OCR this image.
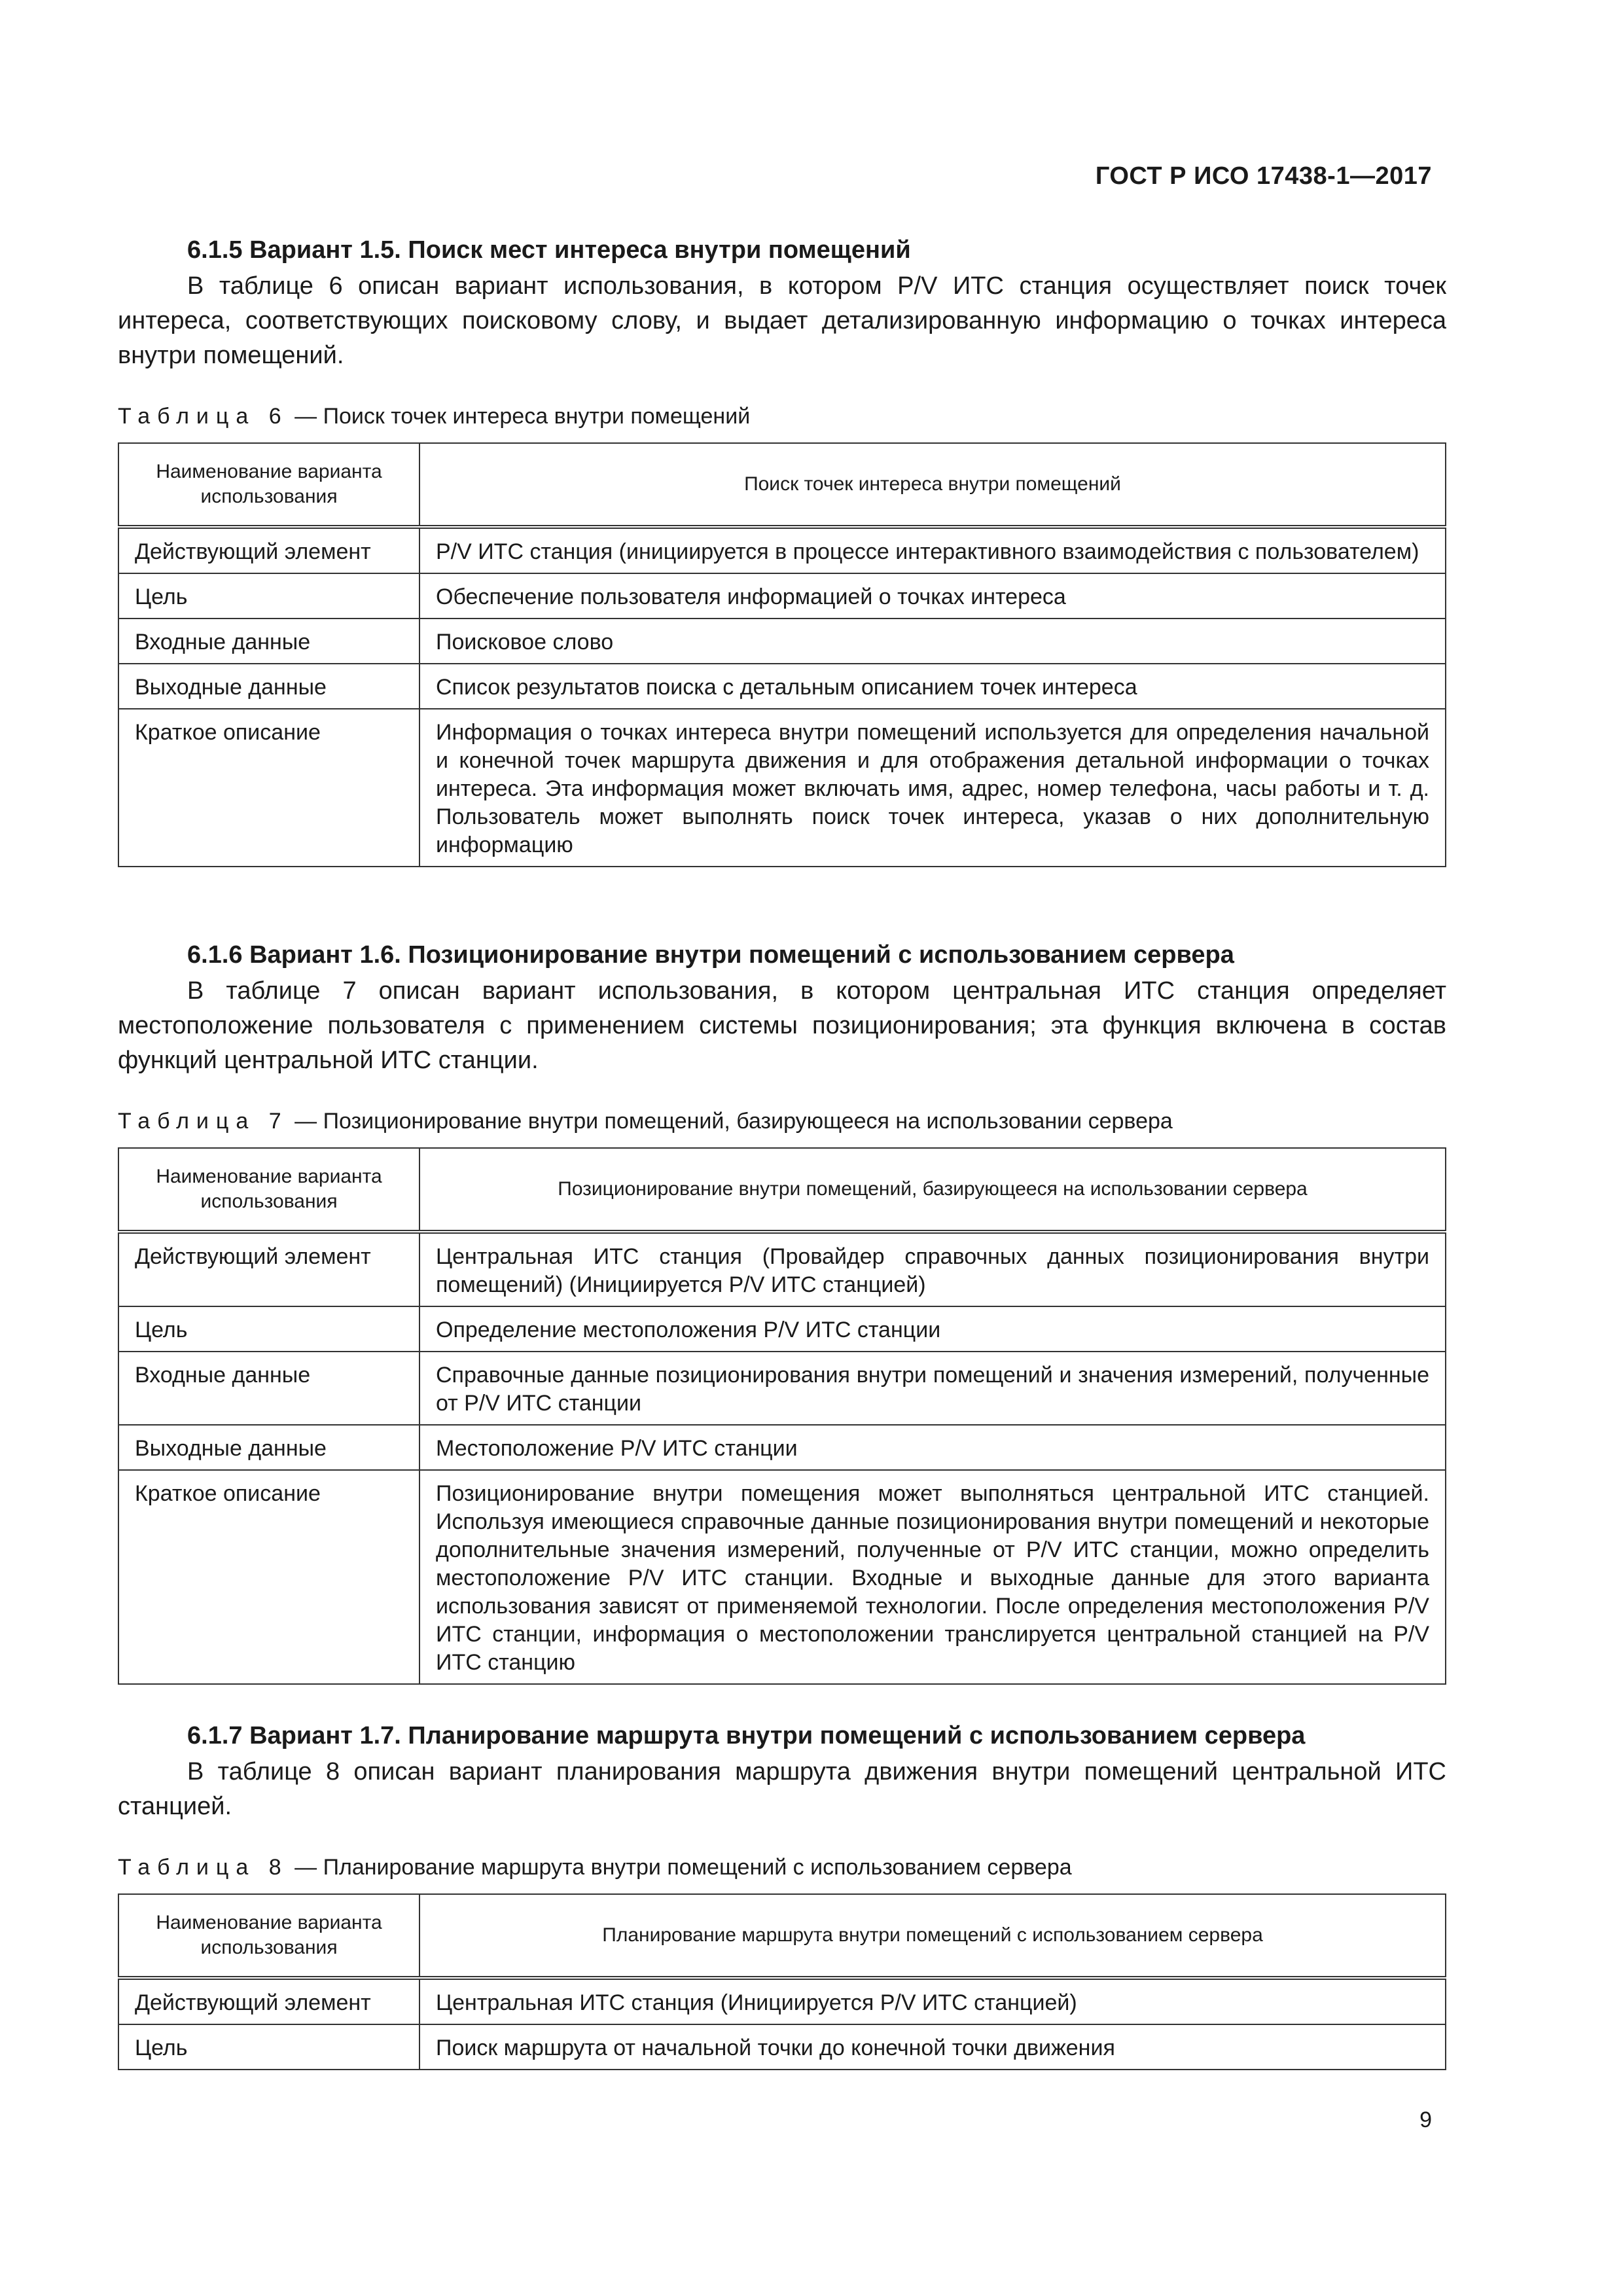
ГОСТ Р ИСО 17438-1—2017
6.1.5 Вариант 1.5. Поиск мест интереса внутри помещений

В таблице 6 описан вариант использования, в котором P/V ИТС станция осуществляет поиск точек интереса, соответствующих поисковому слову, и выдает детализированную информацию о точках интереса внутри помещений.

Таблица 6 — Поиск точек интереса внутри помещений
Наименование варианта использования	Поиск точек интереса внутри помещений
Действующий элемент	P/V ИТС станция (инициируется в процессе интерактивного взаимодействия с пользователем)
Цель	Обеспечение пользователя информацией о точках интереса
Входные данные	Поисковое слово
Выходные данные	Список результатов поиска с детальным описанием точек интереса
Краткое описание	Информация о точках интереса внутри помещений используется для определения начальной и конечной точек маршрута движения и для отображения детальной информации о точках интереса. Эта информация может включать имя, адрес, номер телефона, часы работы и т. д. Пользователь может выполнять поиск точек интереса, указав о них дополнительную информацию
6.1.6 Вариант 1.6. Позиционирование внутри помещений с использованием сервера

В таблице 7 описан вариант использования, в котором центральная ИТС станция определяет местоположение пользователя с применением системы позиционирования; эта функция включена в состав функций центральной ИТС станции.

Таблица 7 — Позиционирование внутри помещений, базирующееся на использовании сервера
Наименование варианта использования	Позиционирование внутри помещений, базирующееся на использовании сервера
Действующий элемент	Центральная ИТС станция (Провайдер справочных данных позиционирования внутри помещений) (Инициируется P/V ИТС станцией)
Цель	Определение местоположения P/V ИТС станции
Входные данные	Справочные данные позиционирования внутри помещений и значения измерений, полученные от P/V ИТС станции
Выходные данные	Местоположение P/V ИТС станции
Краткое описание	Позиционирование внутри помещения может выполняться центральной ИТС станцией. Используя имеющиеся справочные данные позиционирования внутри помещений и некоторые дополнительные значения измерений, полученные от P/V ИТС станции, можно определить местоположение P/V ИТС станции. Входные и выходные данные для этого варианта использования зависят от применяемой технологии. После определения местоположения P/V ИТС станции, информация о местоположении транслируется центральной станцией на P/V ИТС станцию
6.1.7 Вариант 1.7. Планирование маршрута внутри помещений с использованием сервера

В таблице 8 описан вариант планирования маршрута движения внутри помещений центральной ИТС станцией.

Таблица 8 — Планирование маршрута внутри помещений с использованием сервера
Наименование варианта использования	Планирование маршрута внутри помещений с использованием сервера
Действующий элемент	Центральная ИТС станция (Инициируется P/V ИТС станцией)
Цель	Поиск маршрута от начальной точки до конечной точки движения
9
